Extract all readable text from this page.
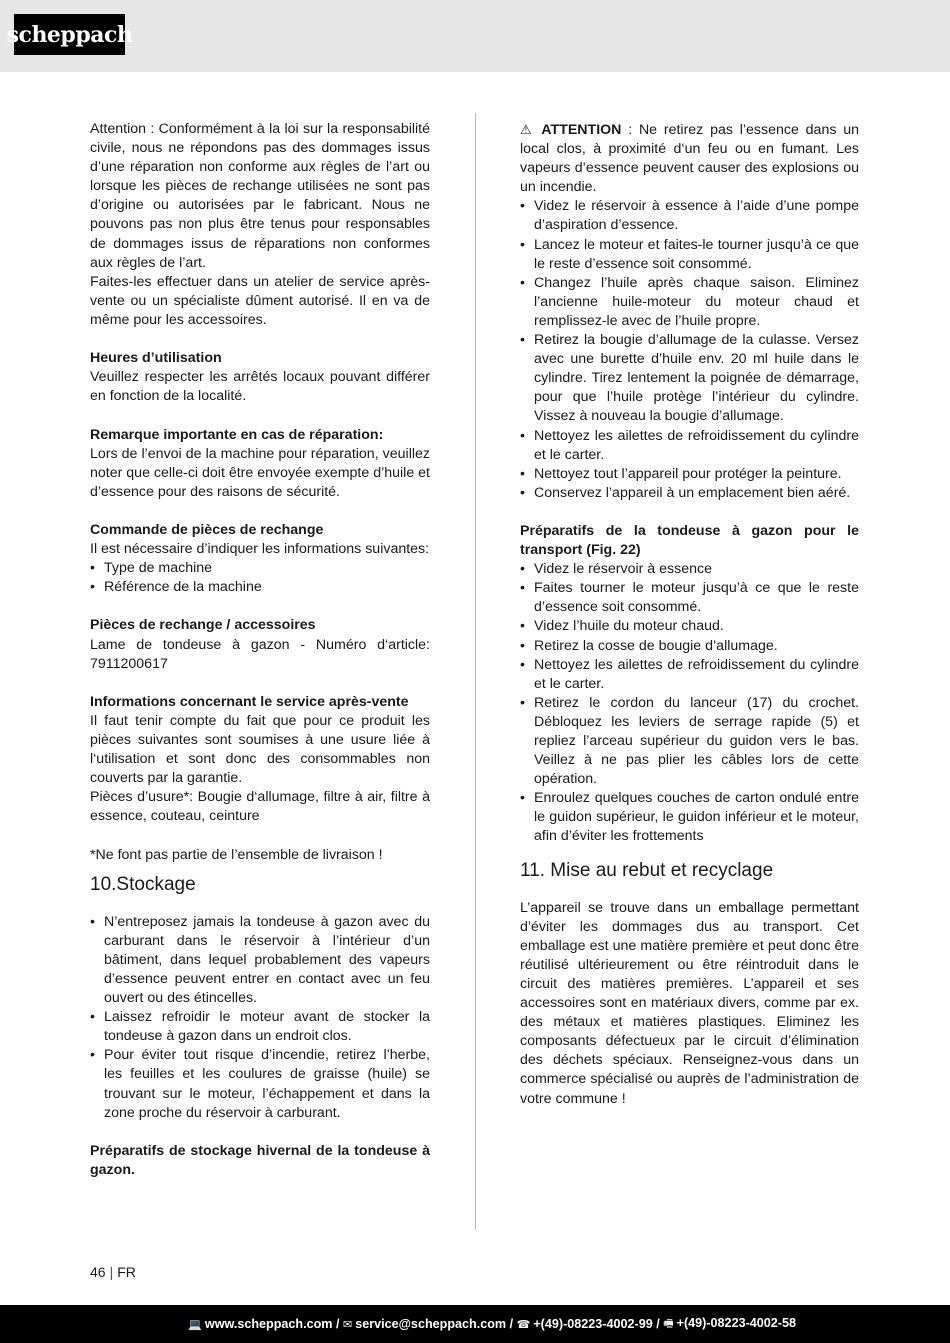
scheppach

Attention : Conformément à la loi sur la responsabilité civile, nous ne répondons pas des dommages issus d’une réparation non conforme aux règles de l’art ou lorsque les pièces de rechange utilisées ne sont pas d’origine ou autorisées par le fabricant. Nous ne pouvons pas non plus être tenus pour responsables de dommages issus de réparations non conformes aux règles de l’art.

Faites-les effectuer dans un atelier de service après-vente ou un spécialiste dûment autorisé. Il en va de même pour les accessoires.

Heures d’utilisation

Veuillez respecter les arrêtés locaux pouvant différer en fonction de la localité.

Remarque importante en cas de réparation:

Lors de l’envoi de la machine pour réparation, veuillez noter que celle-ci doit être envoyée exempte d’huile et d’essence pour des raisons de sécurité.

Commande de pièces de rechange

Il est nécessaire d’indiquer les informations suivantes:

• Type de machine
• Référence de la machine

Pièces de rechange / accessoires

Lame de tondeuse à gazon - Numéro d‘article: 7911200617

Informations concernant le service après-vente

Il faut tenir compte du fait que pour ce produit les pièces suivantes sont soumises à une usure liée à l‘utilisation et sont donc des consommables non couverts par la garantie.

Pièces d’usure*: Bougie d‘allumage, filtre à air, filtre à essence, couteau, ceinture

*Ne font pas partie de l’ensemble de livraison !

10.Stockage
• N’entreposez jamais la tondeuse à gazon avec du carburant dans le réservoir à l’intérieur d’un bâtiment, dans lequel probablement des vapeurs d’essence peuvent entrer en contact avec un feu ouvert ou des étincelles.
• Laissez refroidir le moteur avant de stocker la tondeuse à gazon dans un endroit clos.
• Pour éviter tout risque d’incendie, retirez l’herbe, les feuilles et les coulures de graisse (huile) se trouvant sur le moteur, l’échappement et dans la zone proche du réservoir à carburant.

Préparatifs de stockage hivernal de la tondeuse à gazon.

⚠ ATTENTION : Ne retirez pas l’essence dans un local clos, à proximité d‘un feu ou en fumant. Les vapeurs d’essence peuvent causer des explosions ou un incendie.

• Videz le réservoir à essence à l’aide d’une pompe d’aspiration d’essence.
• Lancez le moteur et faites-le tourner jusqu’à ce que le reste d’essence soit consommé.
• Changez l’huile après chaque saison. Eliminez l’ancienne huile-moteur du moteur chaud et remplissez-le avec de l’huile propre.
• Retirez la bougie d’allumage de la culasse. Versez avec une burette d’huile env. 20 ml huile dans le cylindre. Tirez lentement la poignée de démarrage, pour que l’huile protège l’intérieur du cylindre. Vissez à nouveau la bougie d’allumage.
• Nettoyez les ailettes de refroidissement du cylindre et le carter.
• Nettoyez tout l’appareil pour protéger la peinture.
• Conservez l’appareil à un emplacement bien aéré.

Préparatifs de la tondeuse à gazon pour le transport (Fig. 22)

• Videz le réservoir à essence
• Faites tourner le moteur jusqu’à ce que le reste d’essence soit consommé.
• Videz l’huile du moteur chaud.
• Retirez la cosse de bougie d’allumage.
• Nettoyez les ailettes de refroidissement du cylindre et le carter.
• Retirez le cordon du lanceur (17) du crochet. Débloquez les leviers de serrage rapide (5) et repliez l’arceau supérieur du guidon vers le bas. Veillez à ne pas plier les câbles lors de cette opération.
• Enroulez quelques couches de carton ondulé entre le guidon supérieur, le guidon inférieur et le moteur, afin d’éviter les frottements
11. Mise au rebut et recyclage

L’appareil se trouve dans un emballage permettant d’éviter les dommages dus au transport. Cet emballage est une matière première et peut donc être réutilisé ultérieurement ou être réintroduit dans le circuit des matières premières. L’appareil et ses accessoires sont en matériaux divers, comme par ex. des métaux et matières plastiques. Eliminez les composants défectueux par le circuit d’élimination des déchets spéciaux. Renseignez-vous dans un commerce spécialisé ou auprès de l’administration de votre commune !

46 | FR
💻 www.scheppach.com / ✉ service@scheppach.com / ☎ +(49)-08223-4002-99 / 🖷 +(49)-08223-4002-58
